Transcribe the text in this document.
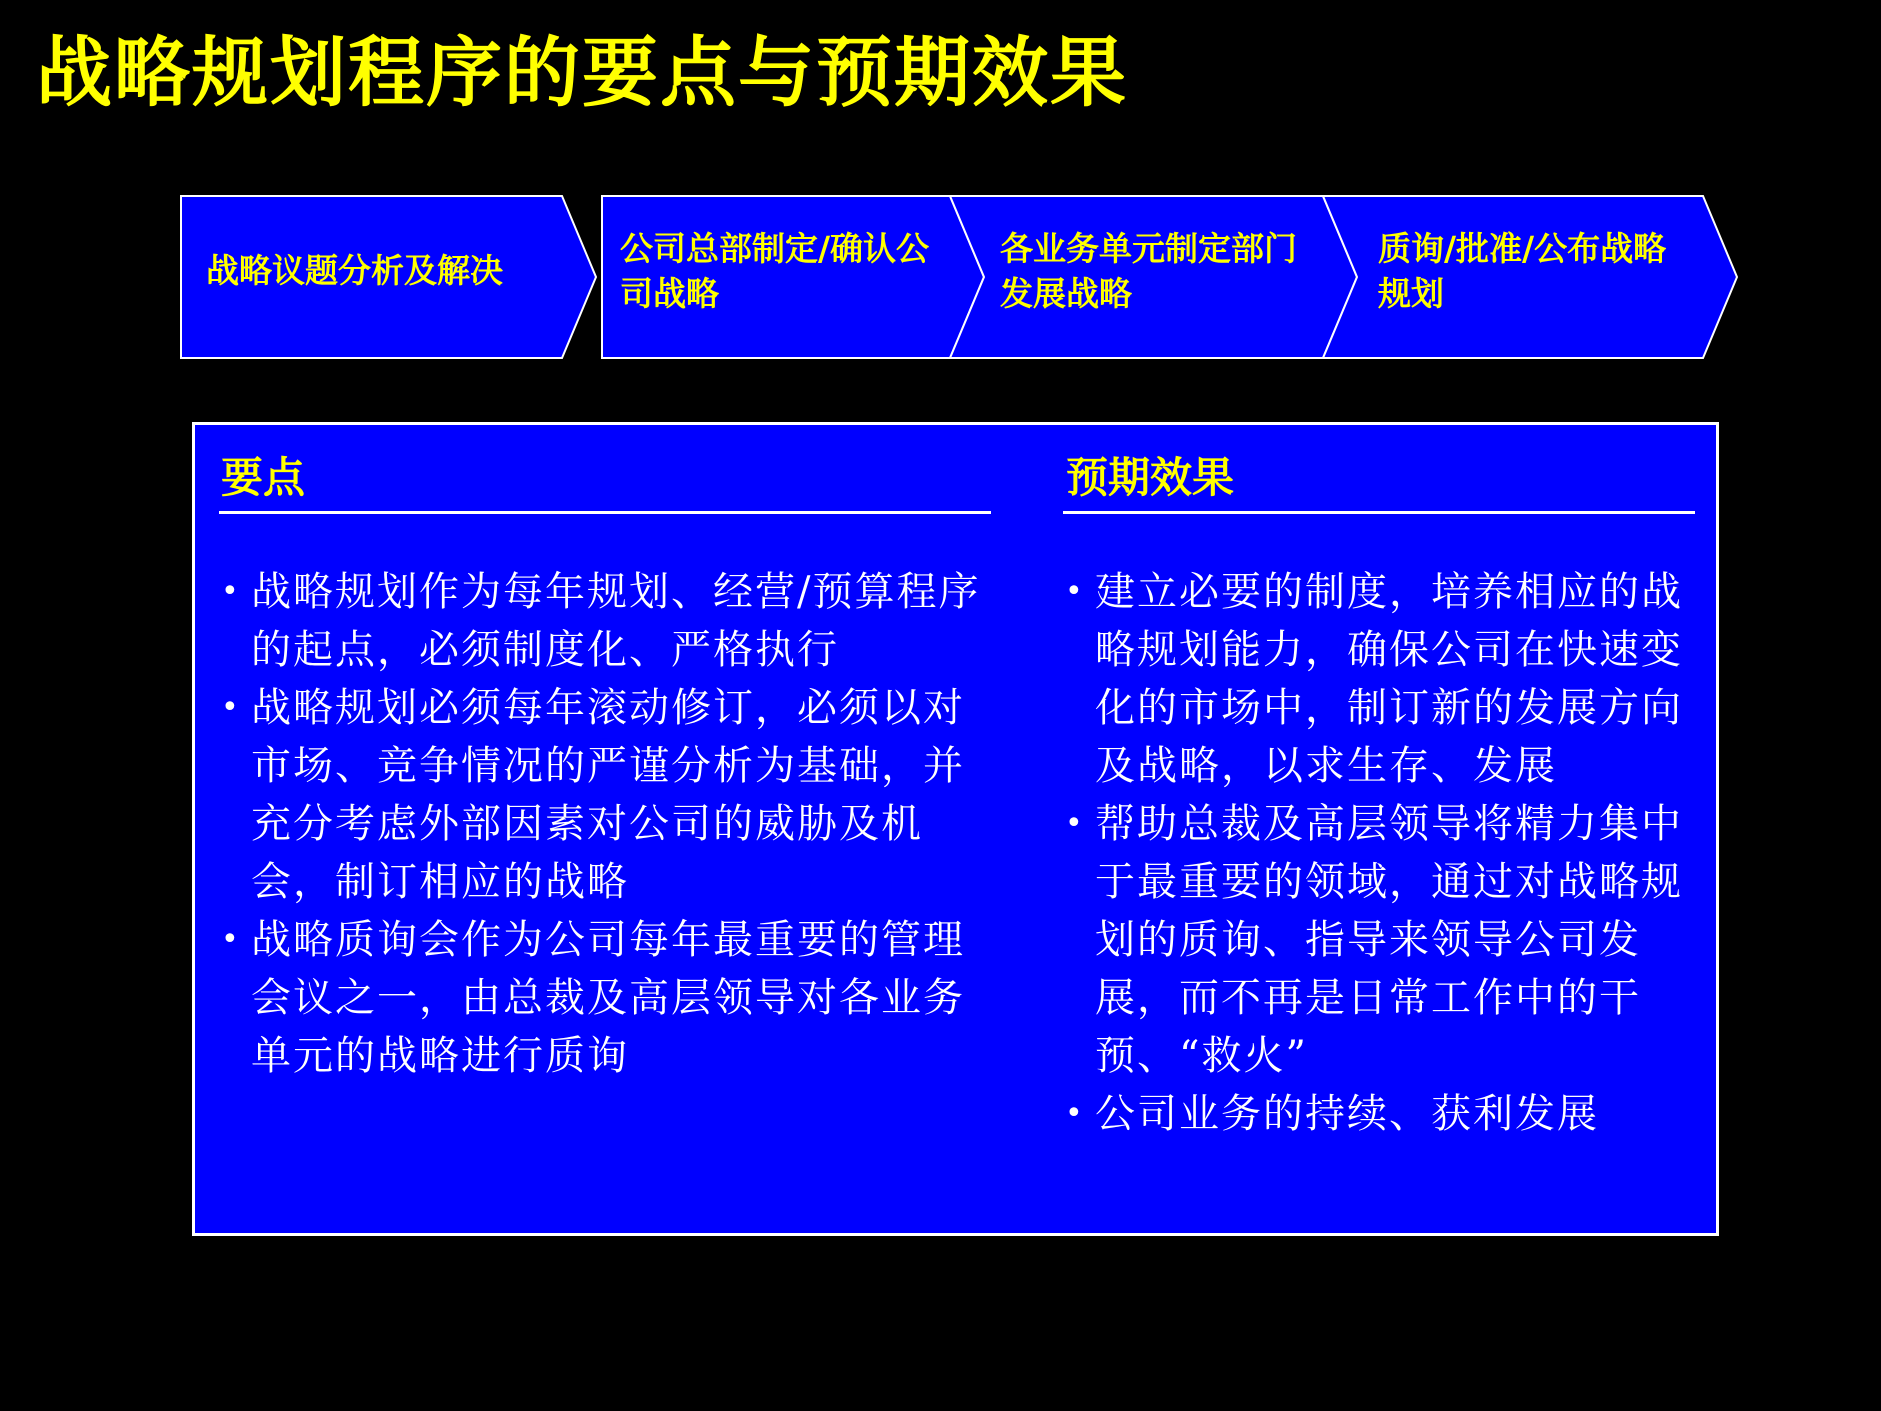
战略规划程序的要点与预期效果
战略议题分析及解决
公司总部制定/确认公司战略
各业务单元制定部门发展战略
质询/批准/公布战略规划
要点
• 战略规划作为每年规划、经营/预算程序的起点，必须制度化、严格执行
• 战略规划必须每年滚动修订，必须以对市场、竞争情况的严谨分析为基础，并充分考虑外部因素对公司的威胁及机会，制订相应的战略
• 战略质询会作为公司每年最重要的管理会议之一，由总裁及高层领导对各业务单元的战略进行质询
预期效果
• 建立必要的制度，培养相应的战略规划能力，确保公司在快速变化的市场中，制订新的发展方向及战略，以求生存、发展
• 帮助总裁及高层领导将精力集中于最重要的领域，通过对战略规划的质询、指导来领导公司发展，而不再是日常工作中的干预、“救火”
• 公司业务的持续、获利发展
